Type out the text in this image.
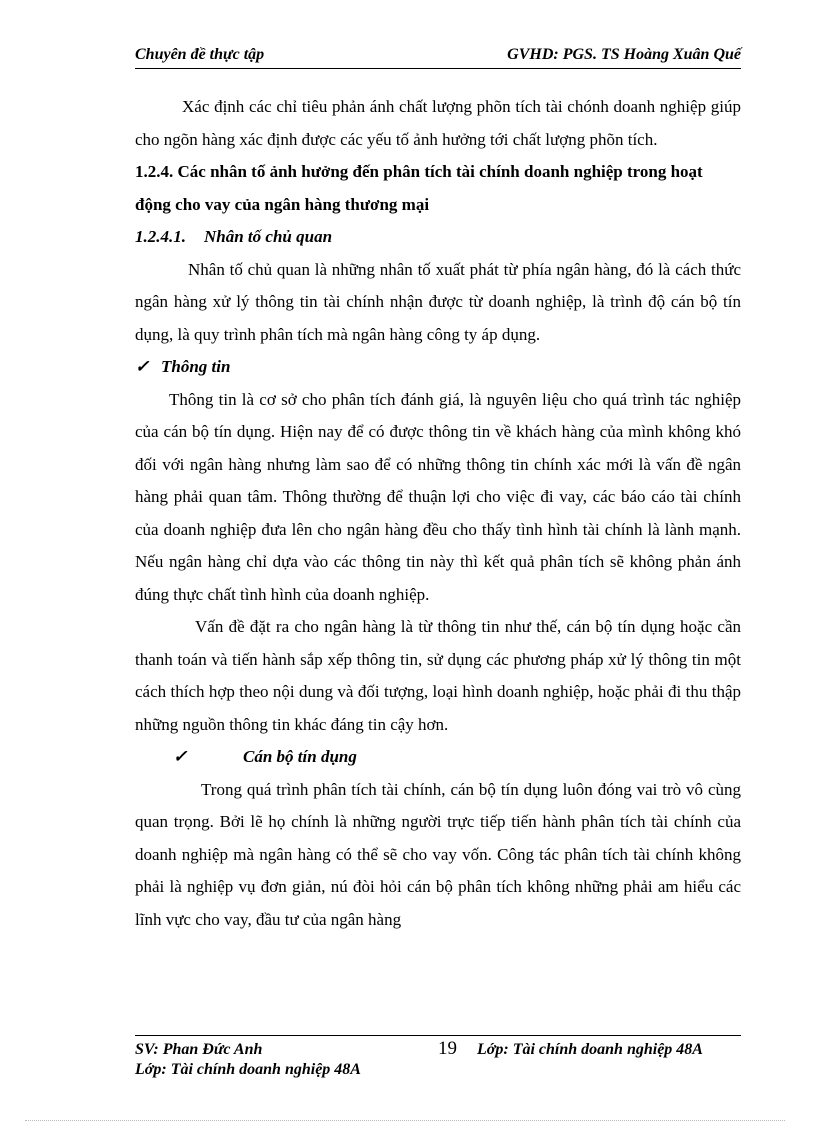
Chuyên đề thực tập	GVHD: PGS. TS Hoàng Xuân Quế

Xác định các chỉ tiêu phản ánh chất lượng phõn tích tài chónh doanh nghiệp giúp cho ngõn hàng xác định được các yếu tố ảnh hưởng tới chất lượng phõn tích.

1.2.4. Các nhân tố ảnh hưởng đến phân tích tài chính doanh nghiệp trong hoạt động cho vay của ngân hàng thương mại

1.2.4.1. Nhân tố chủ quan

Nhân tố chủ quan là những nhân tố xuất phát từ phía ngân hàng, đó là cách thức ngân hàng xử lý thông tin tài chính nhận được từ doanh nghiệp, là trình độ cán bộ tín dụng, là quy trình phân tích mà ngân hàng công ty áp dụng.

✓ Thông tin

Thông tin là cơ sở cho phân tích đánh giá, là nguyên liệu cho quá trình tác nghiệp của cán bộ tín dụng. Hiện nay để có được thông tin về khách hàng của mình không khó đối với ngân hàng nhưng làm sao để có những thông tin chính xác mới là vấn đề ngân hàng phải quan tâm. Thông thường để thuận lợi cho việc đi vay, các báo cáo tài chính của doanh nghiệp đưa lên cho ngân hàng đều cho thấy tình hình tài chính là lành mạnh. Nếu ngân hàng chỉ dựa vào các thông tin này thì kết quả phân tích sẽ không phản ánh đúng thực chất tình hình của doanh nghiệp.

Vấn đề đặt ra cho ngân hàng là từ thông tin như thế, cán bộ tín dụng hoặc cần thanh toán và tiến hành sắp xếp thông tin, sử dụng các phương pháp xử lý thông tin một cách thích hợp theo nội dung và đối tượng, loại hình doanh nghiệp, hoặc phải đi thu thập những nguồn thông tin khác đáng tin cậy hơn.

✓	Cán bộ tín dụng

Trong quá trình phân tích tài chính, cán bộ tín dụng luôn đóng vai trò vô cùng quan trọng. Bởi lẽ họ chính là những người trực tiếp tiến hành phân tích tài chính của doanh nghiệp mà ngân hàng có thể sẽ cho vay vốn. Công tác phân tích tài chính không phải là nghiệp vụ đơn giản, nú đòi hỏi cán bộ phân tích không những phải am hiểu các lĩnh vực cho vay, đầu tư của ngân hàng

SV: Phan Đức Anh	19 Lớp: Tài chính doanh nghiệp 48A
Lớp: Tài chính doanh nghiệp 48A
